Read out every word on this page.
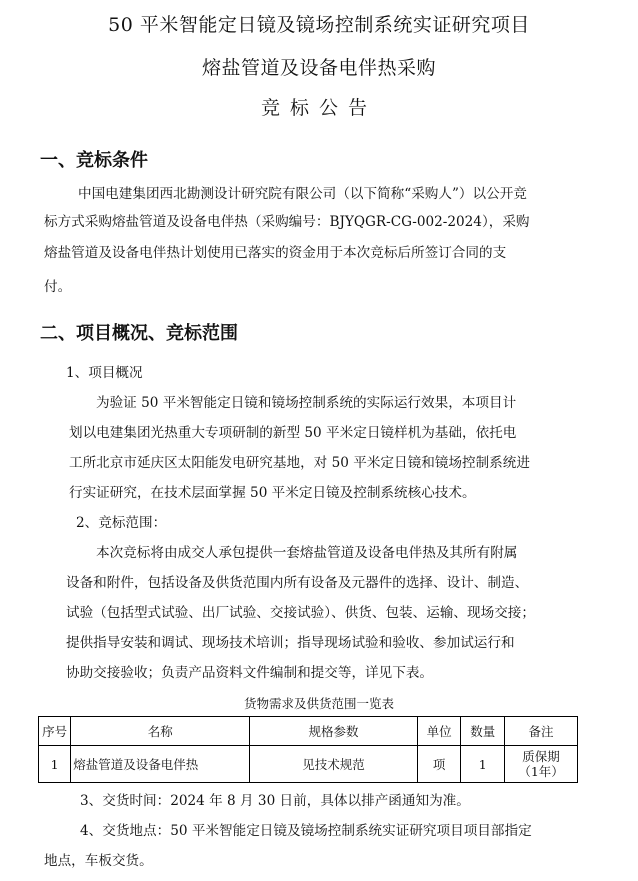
50 平米智能定日镜及镜场控制系统实证研究项目
熔盐管道及设备电伴热采购
竞标公告
一、竞标条件
中国电建集团西北勘测设计研究院有限公司（以下简称“采购人”）以公开竞
标方式采购熔盐管道及设备电伴热（采购编号：BJYQGR-CG-002-2024），采购
熔盐管道及设备电伴热计划使用已落实的资金用于本次竞标后所签订合同的支
付。
二、项目概况、竞标范围
1、项目概况
为验证 50 平米智能定日镜和镜场控制系统的实际运行效果，本项目计
划以电建集团光热重大专项研制的新型 50 平米定日镜样机为基础，依托电
工所北京市延庆区太阳能发电研究基地，对 50 平米定日镜和镜场控制系统进
行实证研究，在技术层面掌握 50 平米定日镜及控制系统核心技术。
2、竞标范围：
本次竞标将由成交人承包提供一套熔盐管道及设备电伴热及其所有附属
设备和附件，包括设备及供货范围内所有设备及元器件的选择、设计、制造、
试验（包括型式试验、出厂试验、交接试验）、供货、包装、运输、现场交接；
提供指导安装和调试、现场技术培训；指导现场试验和验收、参加试运行和
协助交接验收；负责产品资料文件编制和提交等，详见下表。
货物需求及供货范围一览表
序号	名称	规格参数	单位	数量	备注
1	熔盐管道及设备电伴热	见技术规范	项	1	质保期
（1年）
3、交货时间：2024 年 8 月 30 日前，具体以排产函通知为准。
4、交货地点：50 平米智能定日镜及镜场控制系统实证研究项目项目部指定
地点，车板交货。
